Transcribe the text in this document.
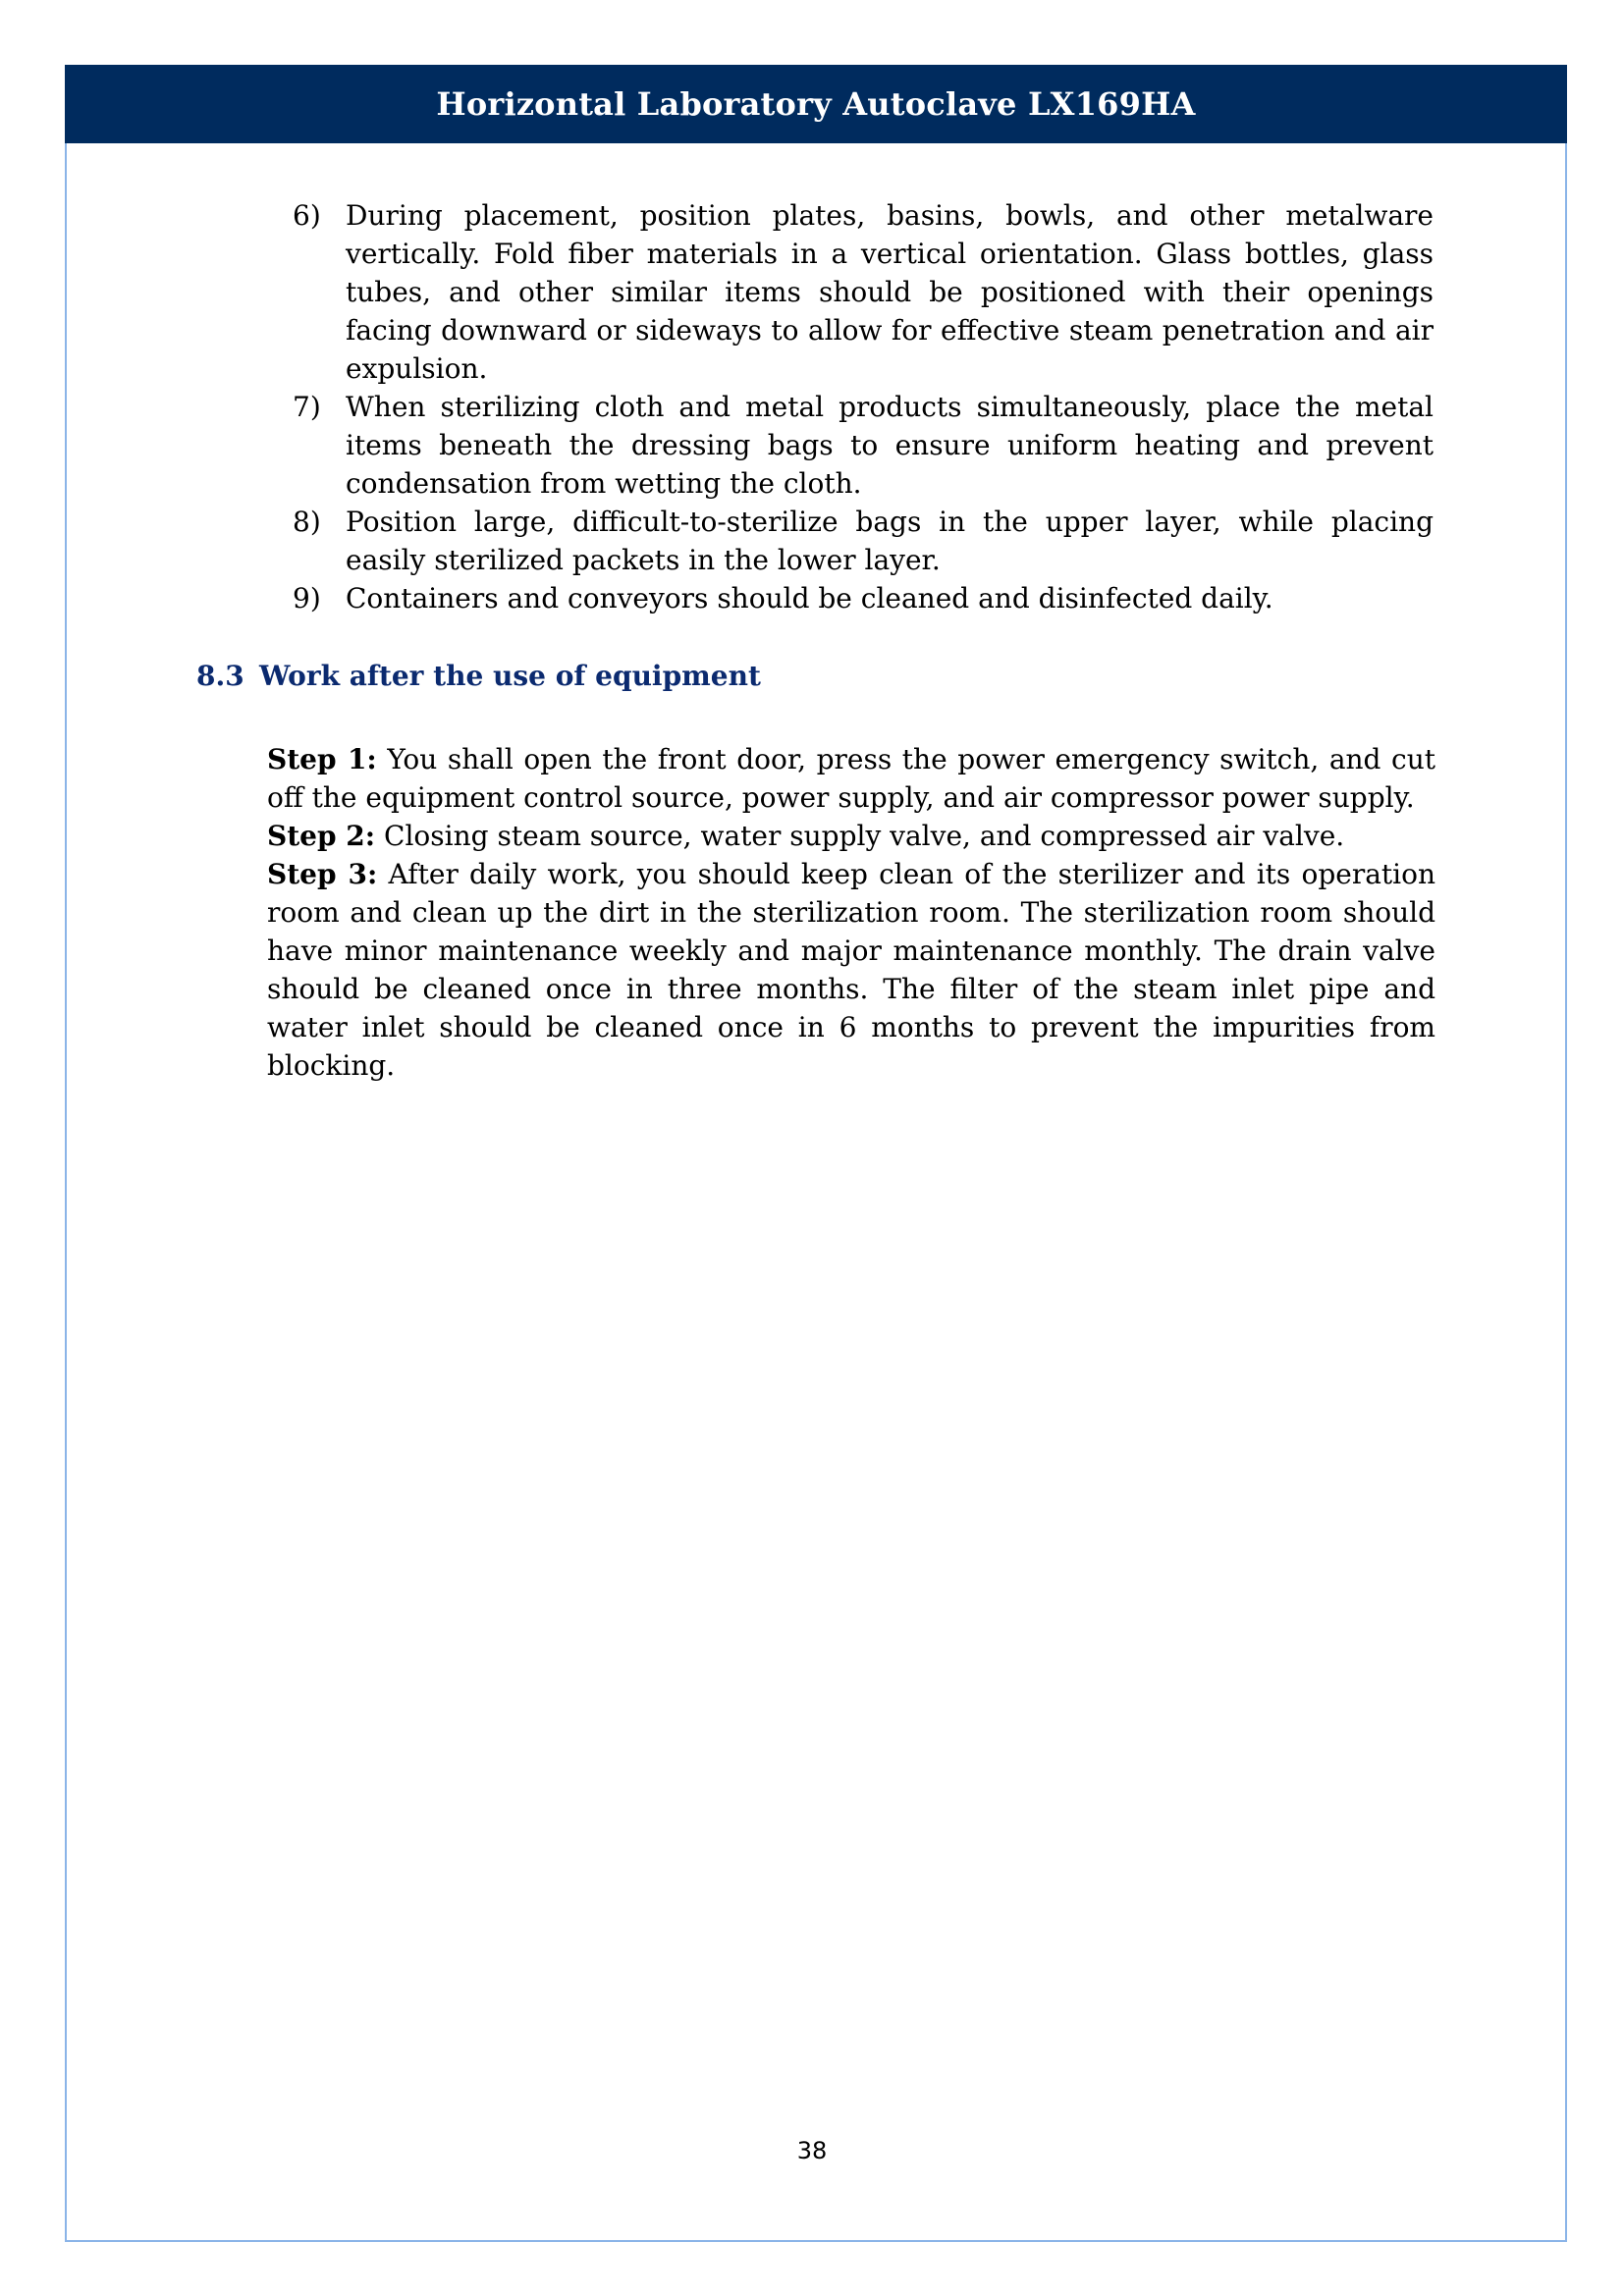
Horizontal Laboratory Autoclave LX169HA
6) During placement, position plates, basins, bowls, and other metalware vertically. Fold fiber materials in a vertical orientation. Glass bottles, glass tubes, and other similar items should be positioned with their openings facing downward or sideways to allow for effective steam penetration and air expulsion.
7) When sterilizing cloth and metal products simultaneously, place the metal items beneath the dressing bags to ensure uniform heating and prevent condensation from wetting the cloth.
8) Position large, difficult-to-sterilize bags in the upper layer, while placing easily sterilized packets in the lower layer.
9) Containers and conveyors should be cleaned and disinfected daily.
8.3 Work after the use of equipment

Step 1: You shall open the front door, press the power emergency switch, and cut off the equipment control source, power supply, and air compressor power supply.

Step 2: Closing steam source, water supply valve, and compressed air valve.

Step 3: After daily work, you should keep clean of the sterilizer and its operation room and clean up the dirt in the sterilization room. The sterilization room should have minor maintenance weekly and major maintenance monthly. The drain valve should be cleaned once in three months. The filter of the steam inlet pipe and water inlet should be cleaned once in 6 months to prevent the impurities from blocking.

38
